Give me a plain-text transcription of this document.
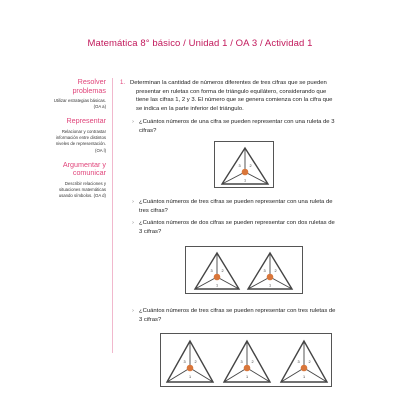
Matemática 8° básico / Unidad 1 / OA 3 / Actividad 1
Resolver
problemas
Utilizar estrategias básicas.
(OA a)
Representar
Relacionar y contrastar
información entre distintos
niveles de representación.
(OA l)
Argumentar y
comunicar
Describir relaciones y
situaciones matemáticas
usando símbolos. (OA d)
1. Determinan la cantidad de números diferentes de tres cifras que se pueden
presentar en ruletas con forma de triángulo equilátero, considerando que
tiene las cifras 1, 2 y 3. El número que se genera comienza con la cifra que
se indica en la parte inferior del triángulo.
› ¿Cuántos números de una cifra se pueden representar con una ruleta de 3
cifras?
1
3 2
› ¿Cuántos números de tres cifras se pueden representar con una ruleta de
tres cifras?
› ¿Cuántos números de dos cifras se pueden representar con dos ruletas de
3 cifras?
1
3 2
1
3 2
› ¿Cuántos números de tres cifras se pueden representar con tres ruletas de
3 cifras?
1
3 2
1
3 2
1
3 2
